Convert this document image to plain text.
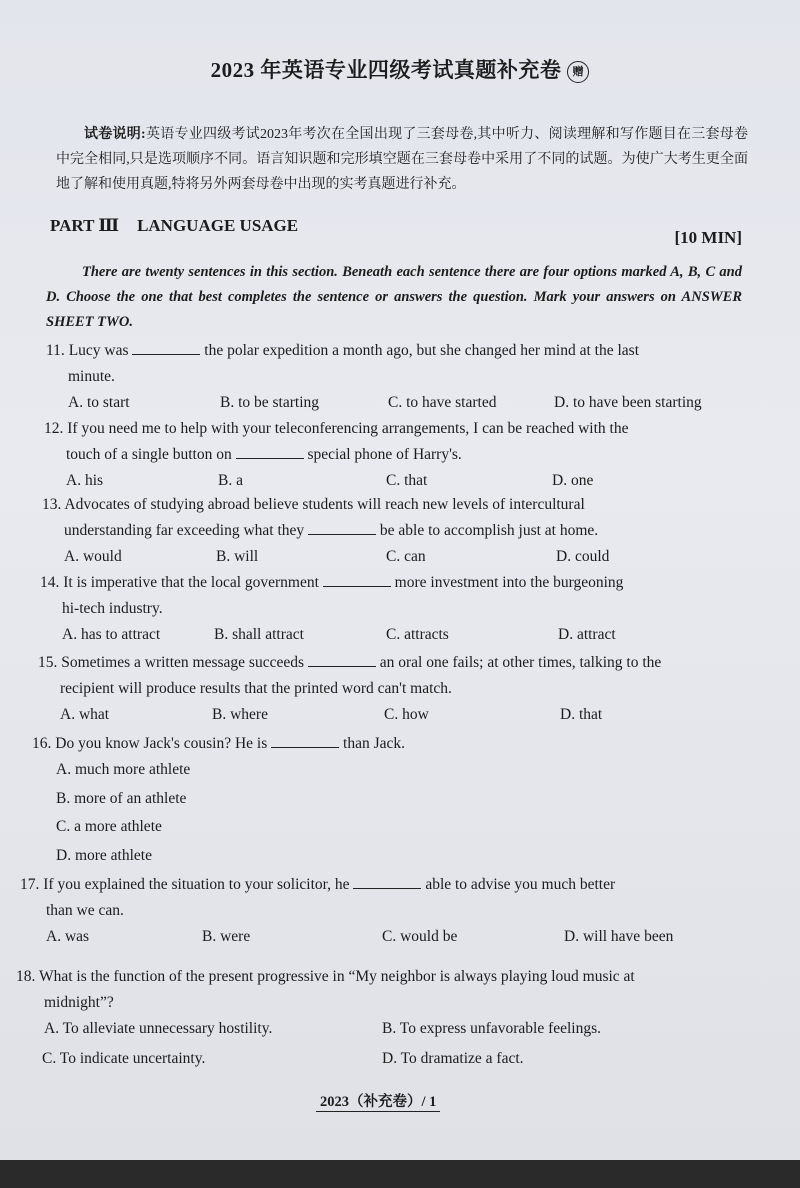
2023 年英语专业四级考试真题补充卷 赠
试卷说明:英语专业四级考试2023年考次在全国出现了三套母卷,其中听力、阅读理解和写作题目在三套母卷中完全相同,只是选项顺序不同。语言知识题和完形填空题在三套母卷中采用了不同的试题。为使广大考生更全面地了解和使用真题,特将另外两套母卷中出现的实考真题进行补充。
PART Ⅲ LANGUAGE USAGE
[10 MIN]
There are twenty sentences in this section. Beneath each sentence there are four options marked A, B, C and D. Choose the one that best completes the sentence or answers the question. Mark your answers on ANSWER SHEET TWO.
11. Lucy was	the polar expedition a month ago, but she changed her mind at the last
minute.
A. to start	B. to be starting	C. to have started	D. to have been starting
12. If you need me to help with your teleconferencing arrangements, I can be reached with the
touch of a single button on	special phone of Harry's.
A. his	B. a	C. that	D. one
13. Advocates of studying abroad believe students will reach new levels of intercultural
understanding far exceeding what they	be able to accomplish just at home.
A. would	B. will	C. can	D. could
14. It is imperative that the local government	more investment into the burgeoning
hi-tech industry.
A. has to attract	B. shall attract	C. attracts	D. attract
15. Sometimes a written message succeeds	an oral one fails; at other times, talking to the
recipient will produce results that the printed word can't match.
A. what	B. where	C. how	D. that
16. Do you know Jack's cousin? He is	than Jack.
A. much more athlete
B. more of an athlete
C. a more athlete
D. more athlete
17. If you explained the situation to your solicitor, he	able to advise you much better
than we can.
A. was	B. were	C. would be	D. will have been
18. What is the function of the present progressive in “My neighbor is always playing loud music at
midnight”?
A. To alleviate unnecessary hostility.	B. To express unfavorable feelings.
C. To indicate uncertainty.	D. To dramatize a fact.
2023（补充卷）/ 1
